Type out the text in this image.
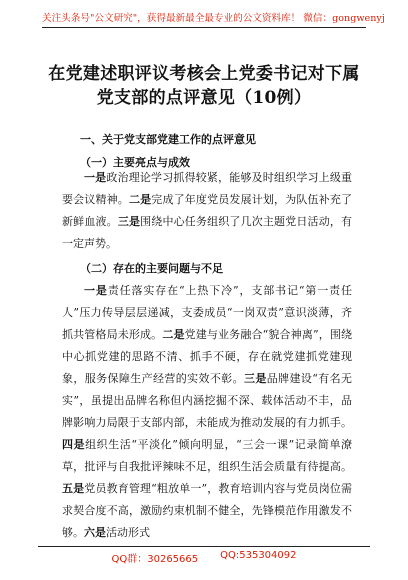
关注头条号"公文研究"，获得最新最全最专业的公文资料库！ 微信：gongwenyj
在党建述职评议考核会上党委书记对下属党支部的点评意见（10例）
一、关于党支部党建工作的点评意见
（一）主要亮点与成效

一是政治理论学习抓得较紧，能够及时组织学习上级重要会议精神。二是完成了年度党员发展计划，为队伍补充了新鲜血液。三是围绕中心任务组织了几次主题党日活动，有一定声势。

（二）存在的主要问题与不足

一是责任落实存在“上热下冷”，支部书记“第一责任人”压力传导层层递减，支委成员“一岗双责”意识淡薄，齐抓共管格局未形成。二是党建与业务融合“貌合神离”，围绕中心抓党建的思路不清、抓手不硬，存在就党建抓党建现象，服务保障生产经营的实效不彰。三是品牌建设“有名无实”，虽提出品牌名称但内涵挖掘不深、载体活动不丰，品牌影响力局限于支部内部，未能成为推动发展的有力抓手。四是组织生活“平淡化”倾向明显，“三会一课”记录简单潦草，批评与自我批评辣味不足，组织生活会质量有待提高。五是党员教育管理“粗放单一”，教育培训内容与党员岗位需求契合度不高，激励约束机制不健全，先锋模范作用激发不够。六是活动形式

QQ群：30265665 QQ:535304092
